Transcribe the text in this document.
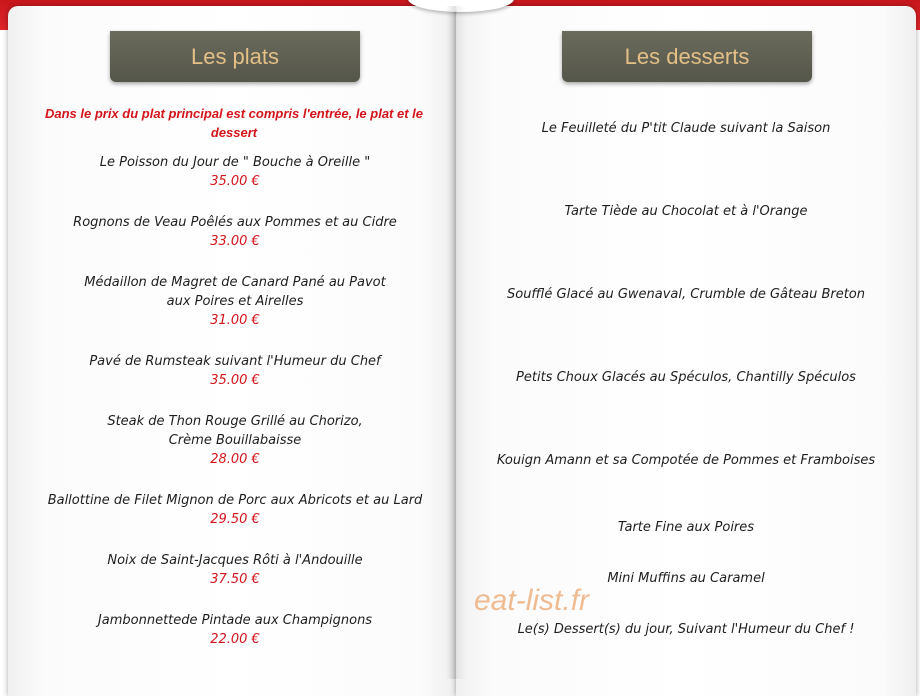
Les plats	Les desserts
Dans le prix du plat principal est compris l'entrée, le plat et le dessert
Le Poisson du Jour de " Bouche à Oreille "
35.00 €
Rognons de Veau Poêlés aux Pommes et au Cidre
33.00 €
Médaillon de Magret de Canard Pané au Pavot
aux Poires et Airelles
31.00 €
Pavé de Rumsteak suivant l'Humeur du Chef
35.00 €
Steak de Thon Rouge Grillé au Chorizo,
Crème Bouillabaisse
28.00 €
Ballottine de Filet Mignon de Porc aux Abricots et au Lard
29.50 €
Noix de Saint-Jacques Rôti à l'Andouille
37.50 €
Jambonnettede Pintade aux Champignons
22.00 €
Le Feuilleté du P'tit Claude suivant la Saison
Tarte Tiède au Chocolat et à l'Orange
Soufflé Glacé au Gwenaval, Crumble de Gâteau Breton
Petits Choux Glacés au Spéculos, Chantilly Spéculos
Kouign Amann et sa Compotée de Pommes et Framboises
Tarte Fine aux Poires
Mini Muffins au Caramel
Le(s) Dessert(s) du jour, Suivant l'Humeur du Chef !
eat-list.fr
